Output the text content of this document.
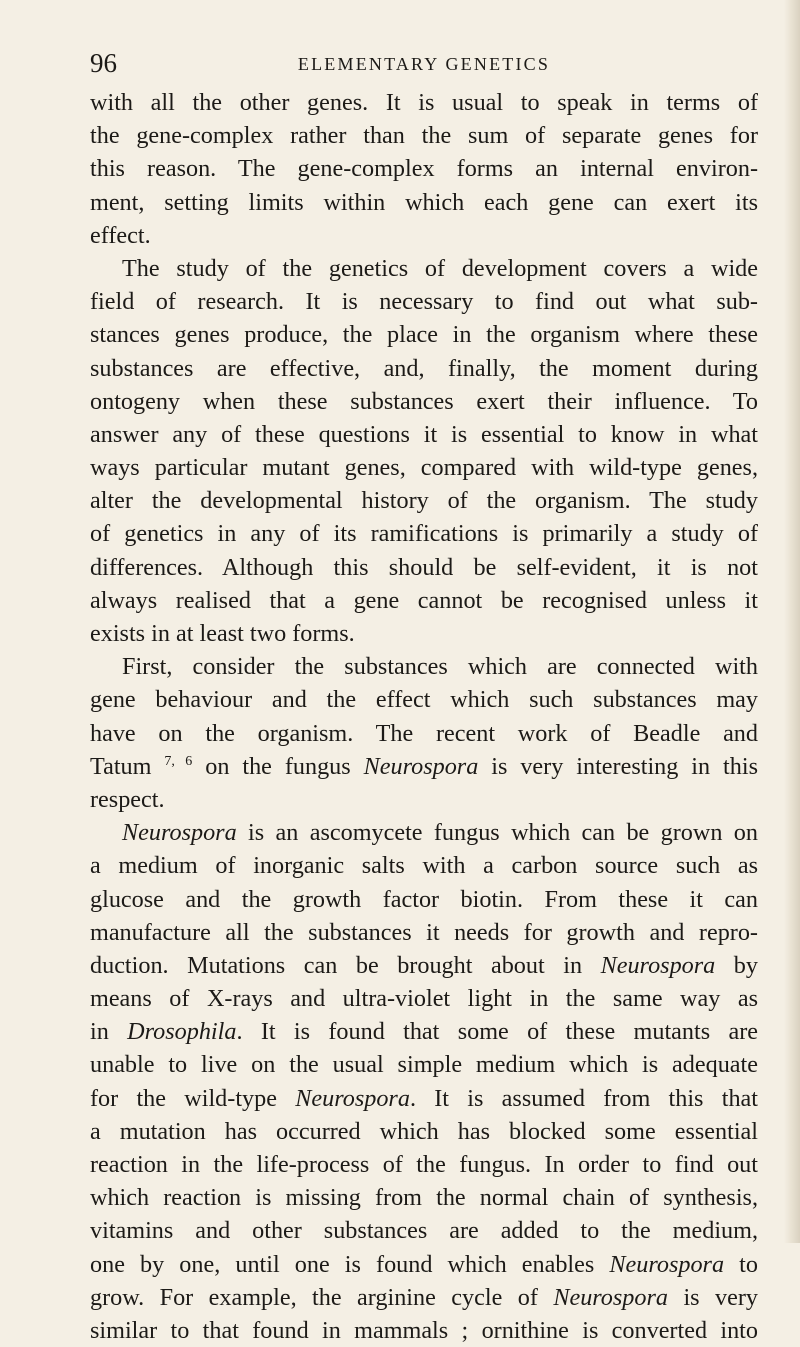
96	ELEMENTARY GENETICS
with all the other genes. It is usual to speak in terms of
the gene-complex rather than the sum of separate genes for
this reason. The gene-complex forms an internal environ-
ment, setting limits within which each gene can exert its
effect.
The study of the genetics of development covers a wide
field of research. It is necessary to find out what sub-
stances genes produce, the place in the organism where these
substances are effective, and, finally, the moment during
ontogeny when these substances exert their influence. To
answer any of these questions it is essential to know in what
ways particular mutant genes, compared with wild-type genes,
alter the developmental history of the organism. The study
of genetics in any of its ramifications is primarily a study of
differences. Although this should be self-evident, it is not
always realised that a gene cannot be recognised unless it
exists in at least two forms.
First, consider the substances which are connected with
gene behaviour and the effect which such substances may
have on the organism. The recent work of Beadle and
Tatum $^{7, 6}$ on the fungus Neurospora is very interesting in this
respect.
Neurospora is an ascomycete fungus which can be grown on
a medium of inorganic salts with a carbon source such as
glucose and the growth factor biotin. From these it can
manufacture all the substances it needs for growth and repro-
duction. Mutations can be brought about in Neurospora by
means of X-rays and ultra-violet light in the same way as
in Drosophila. It is found that some of these mutants are
unable to live on the usual simple medium which is adequate
for the wild-type Neurospora. It is assumed from this that
a mutation has occurred which has blocked some essential
reaction in the life-process of the fungus. In order to find out
which reaction is missing from the normal chain of synthesis,
vitamins and other substances are added to the medium,
one by one, until one is found which enables Neurospora to
grow. For example, the arginine cycle of Neurospora is very
similar to that found in mammals ; ornithine is converted into
